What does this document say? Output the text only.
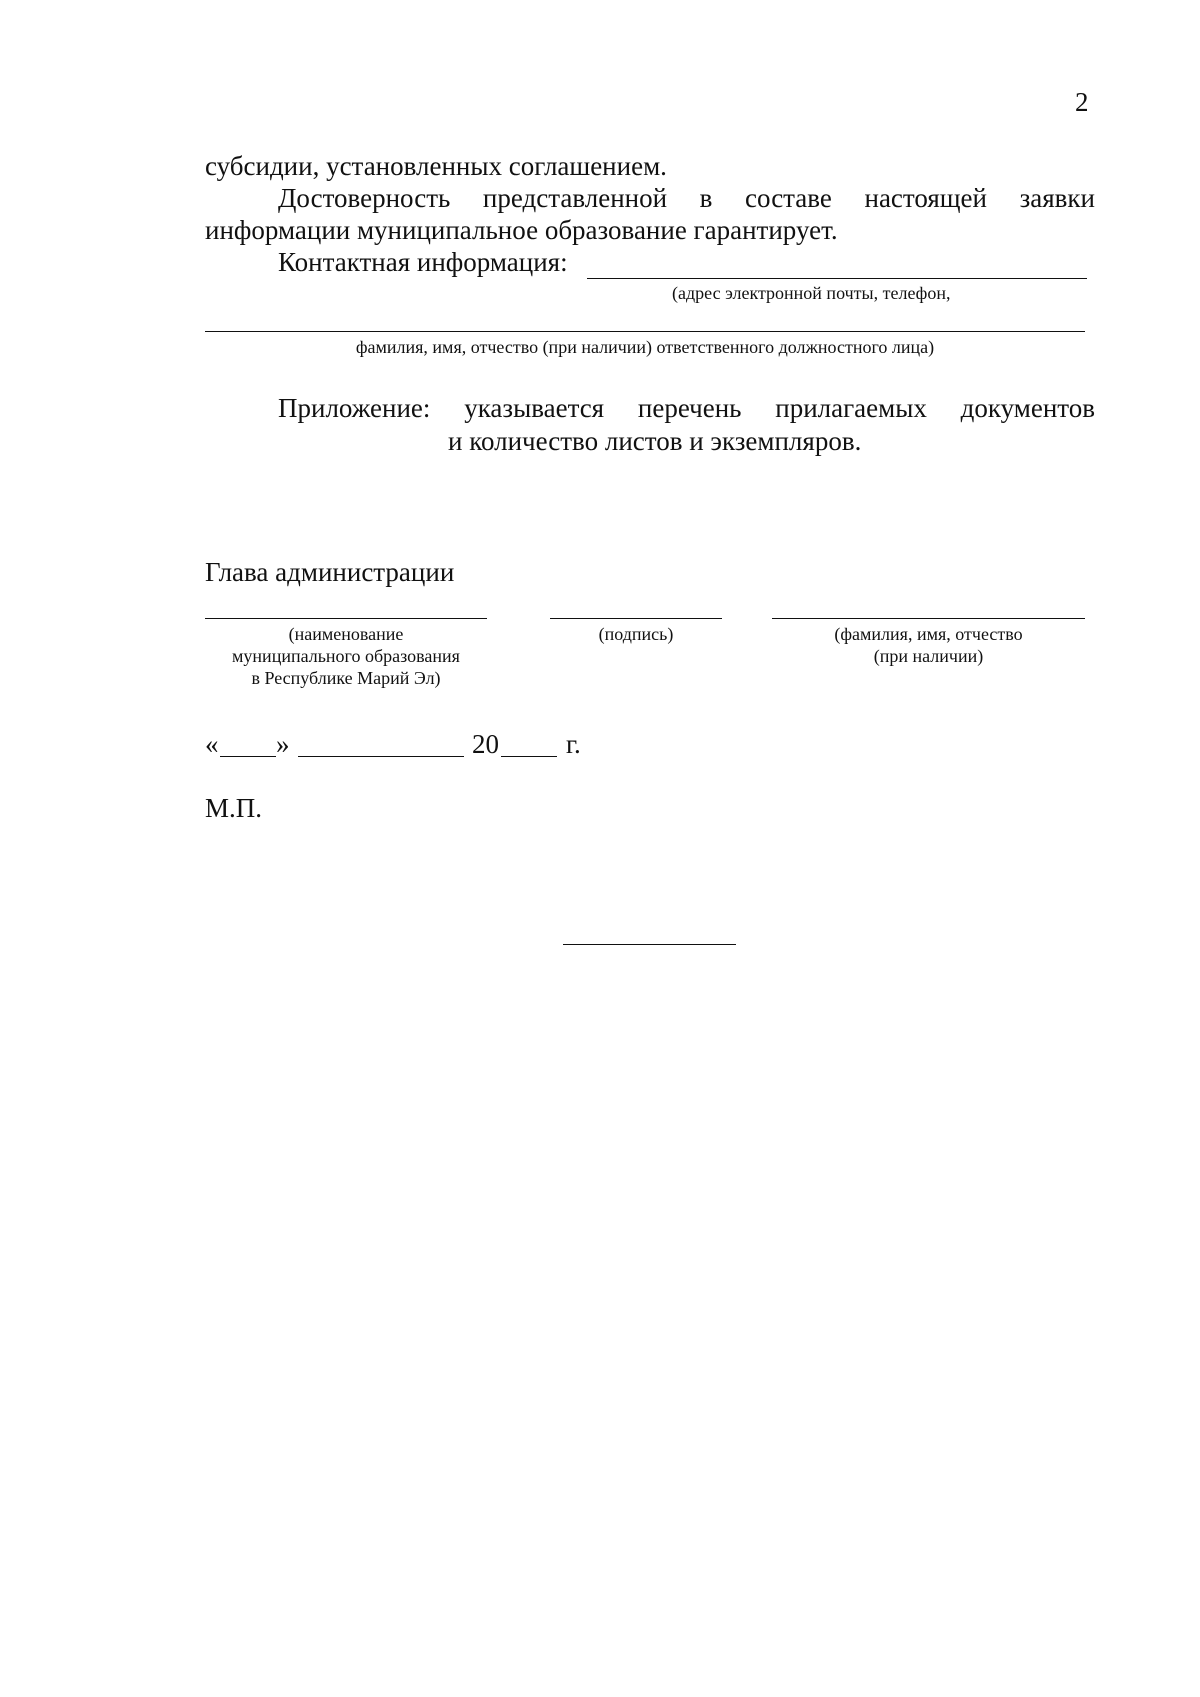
2
субсидии, установленных соглашением.
Достоверность представленной в составе настоящей заявки
информации муниципальное образование гарантирует.
Контактная информация:
(адрес электронной почты, телефон,
фамилия, имя, отчество (при наличии) ответственного должностного лица)
Приложение: указывается перечень прилагаемых документов
и количество листов и экземпляров.
Глава администрации
(наименование
муниципального образования
в Республике Марий Эл)
(подпись)	(фамилия, имя, отчество
(при наличии)
« »	20 г.
М.П.
